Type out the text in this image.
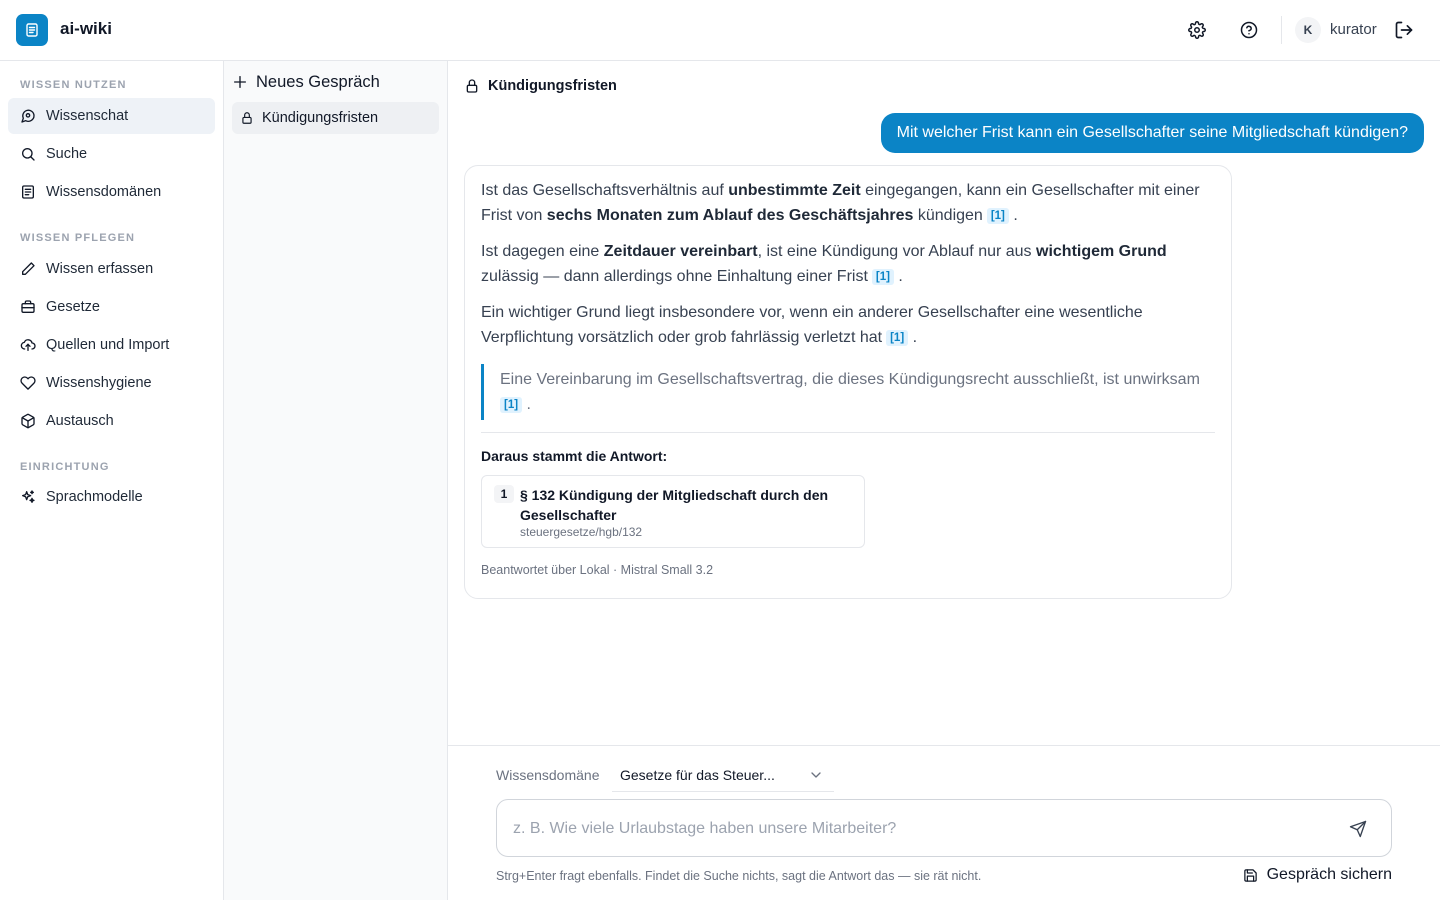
ai-wiki	K	kurator
WISSEN NUTZEN
Wissenschat
Suche
Wissensdomänen
WISSEN PFLEGEN
Wissen erfassen
Gesetze
Quellen und Import
Wissenshygiene
Austausch
EINRICHTUNG
Sprachmodelle
Neues Gespräch
Kündigungsfristen
Kündigungsfristen
Mit welcher Frist kann ein Gesellschafter seine Mitgliedschaft kündigen?

Ist das Gesellschaftsverhältnis auf unbestimmte Zeit eingegangen, kann ein Gesellschafter mit einer Frist von sechs Monaten zum Ablauf des Geschäftsjahres kündigen [1] .

Ist dagegen eine Zeitdauer vereinbart, ist eine Kündigung vor Ablauf nur aus wichtigem Grund zulässig — dann allerdings ohne Einhaltung einer Frist [1] .

Ein wichtiger Grund liegt insbesondere vor, wenn ein anderer Gesellschafter eine wesentliche Verpflichtung vorsätzlich oder grob fahrlässig verletzt hat [1] .

Eine Vereinbarung im Gesellschaftsvertrag, die dieses Kündigungsrecht ausschließt, ist unwirksam
[1] .

Daraus stammt die Antwort:
1 § 132 Kündigung der Mitgliedschaft durch den Gesellschafter
steuergesetze/hgb/132
Beantwortet über Lokal · Mistral Small 3.2
Wissensdomäne Gesetze für das Steuer...
z. B. Wie viele Urlaubstage haben unsere Mitarbeiter?
Strg+Enter fragt ebenfalls. Findet die Suche nichts, sagt die Antwort das — sie rät nicht.	Gespräch sichern
